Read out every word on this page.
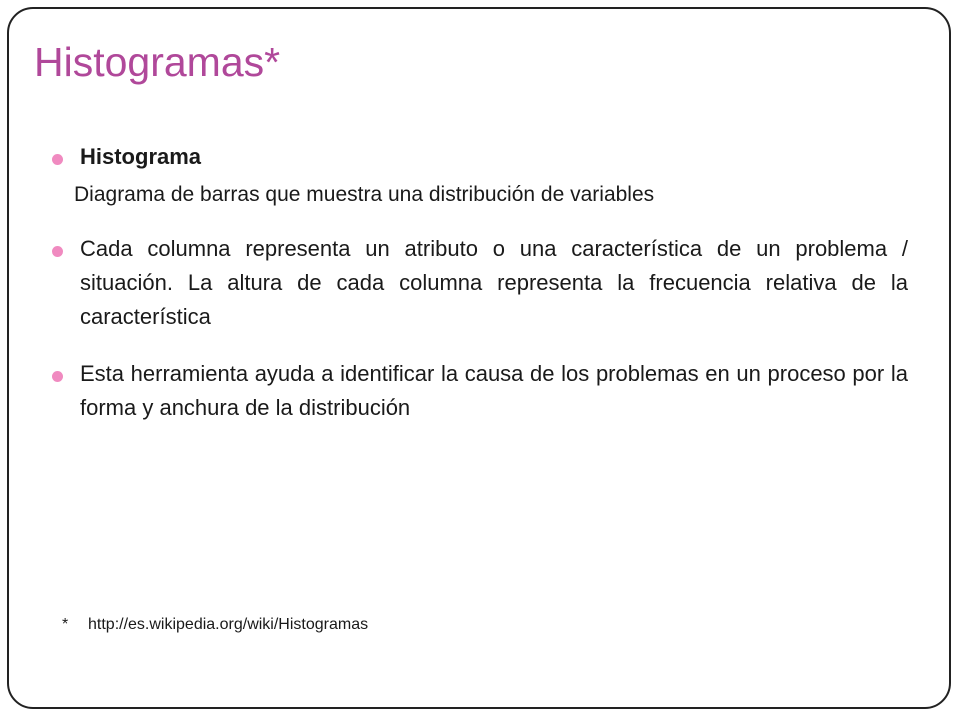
Histogramas*
Histograma
Diagrama de barras que muestra una distribución de variables
Cada columna representa un atributo o una característica de un problema / situación. La altura de cada columna representa la frecuencia relativa de la característica
Esta herramienta ayuda a identificar la causa de los problemas en un proceso por la forma y anchura de la distribución
* http://es.wikipedia.org/wiki/Histogramas
